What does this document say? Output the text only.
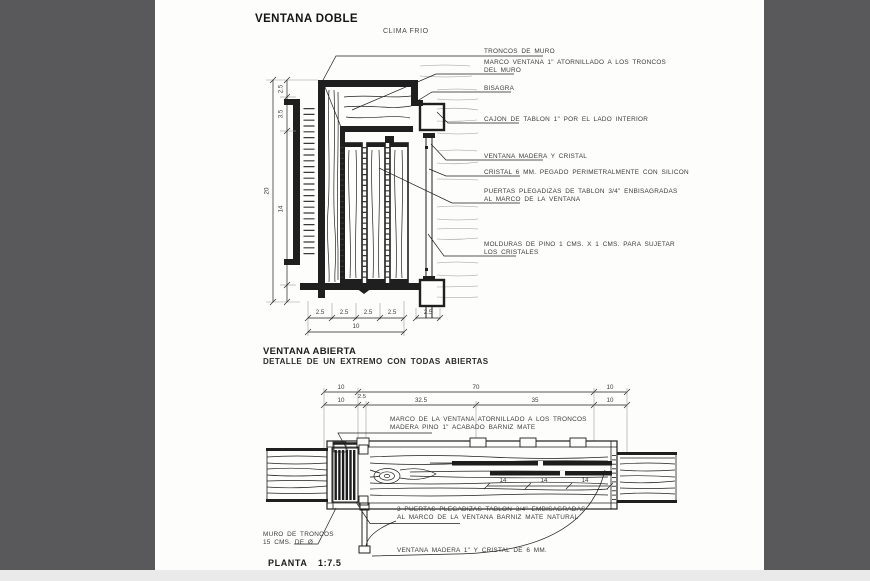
VENTANA DOBLE
CLIMA FRIO
TRONCOS DE MURO
MARCO VENTANA 1" ATORNILLADO A LOS TRONCOS
DEL MURO
BISAGRA
CAJON DE TABLON 1" POR EL LADO INTERIOR
VENTANA MADERA Y CRISTAL
CRISTAL 6 MM. PEGADO PERIMETRALMENTE CON SILICON
PUERTAS PLEGADIZAS DE TABLON 3/4" ENBISAGRADAS
AL MARCO DE LA VENTANA
MOLDURAS DE PINO 1 CMS. X 1 CMS. PARA SUJETAR
LOS CRISTALES
2.5
3.5
20
14
2.5 2.5 2.5 2.5	2.5
10
VENTANA ABIERTA
DETALLE DE UN EXTREMO CON TODAS ABIERTAS
10	70	10
10 2.5	32.5	35	10
MARCO DE LA VENTANA ATORNILLADO A LOS TRONCOS
MADERA PINO 1" ACABADO BARNIZ MATE
MURO DE TRONCOS
15 CMS. DE Ø
3 PUERTAS PLEGADIZAS TABLON 3/4" EMBISAGRADAS
AL MARCO DE LA VENTANA BARNIZ MATE NATURAL
VENTANA MADERA 1" Y CRISTAL DE 6 MM.
14	14	14
PLANTA 1:7.5
